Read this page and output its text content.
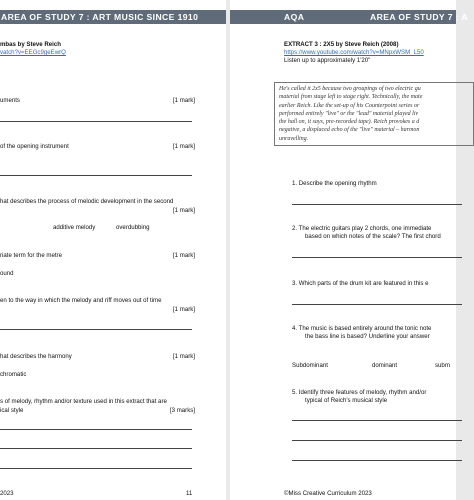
AREA OF STUDY 7 : ART MUSIC SINCE 1910
mbas by Steve Reich
vatch?v=EEGc9geEwrQ
uments	[1 mark]
of the opening instrument	[1 mark]
hat describes the process of melodic development in the second
[1 mark]
additive melody	overdubbing
riate term for the metre	[1 mark]
ound
en to the way in which the melody and riff moves out of time
[1 mark]
hat describes the harmony	[1 mark]
chromatic
s of melody, rhythm and/or texture used in this extract that are
ical style	[3 marks]
2023	11
AQA	AREA OF STUDY 7 : A
EXTRACT 3 : 2X5 by Steve Reich (2008)
https://www.youtube.com/watch?v=MNpxWSM_L50
Listen up to approximately 1'20"
He's called it 2x5 because two groupings of two electric gu
material from stage left to stage right. Technically, the mate
earlier Reich. Like the set-up of his Counterpoint series or
performed entirely "live" or the "lead" material played liv
the hall on, it says, pre-recorded tape). Reich provokes a d
negative, a displaced echo of the "live" material – harmon
unravelling.
1. Describe the opening rhythm
2. The electric guitars play 2 chords, one immediate
based on which notes of the scale? The first chord
3. Which parts of the drum kit are featured in this e
4. The music is based entirely around the tonic note
the bass line is based? Underline your answer
Subdominant	dominant	subm
5. Identify three features of melody, rhythm and/or
typical of Reich's musical style
©Miss Creative Curriculum 2023
